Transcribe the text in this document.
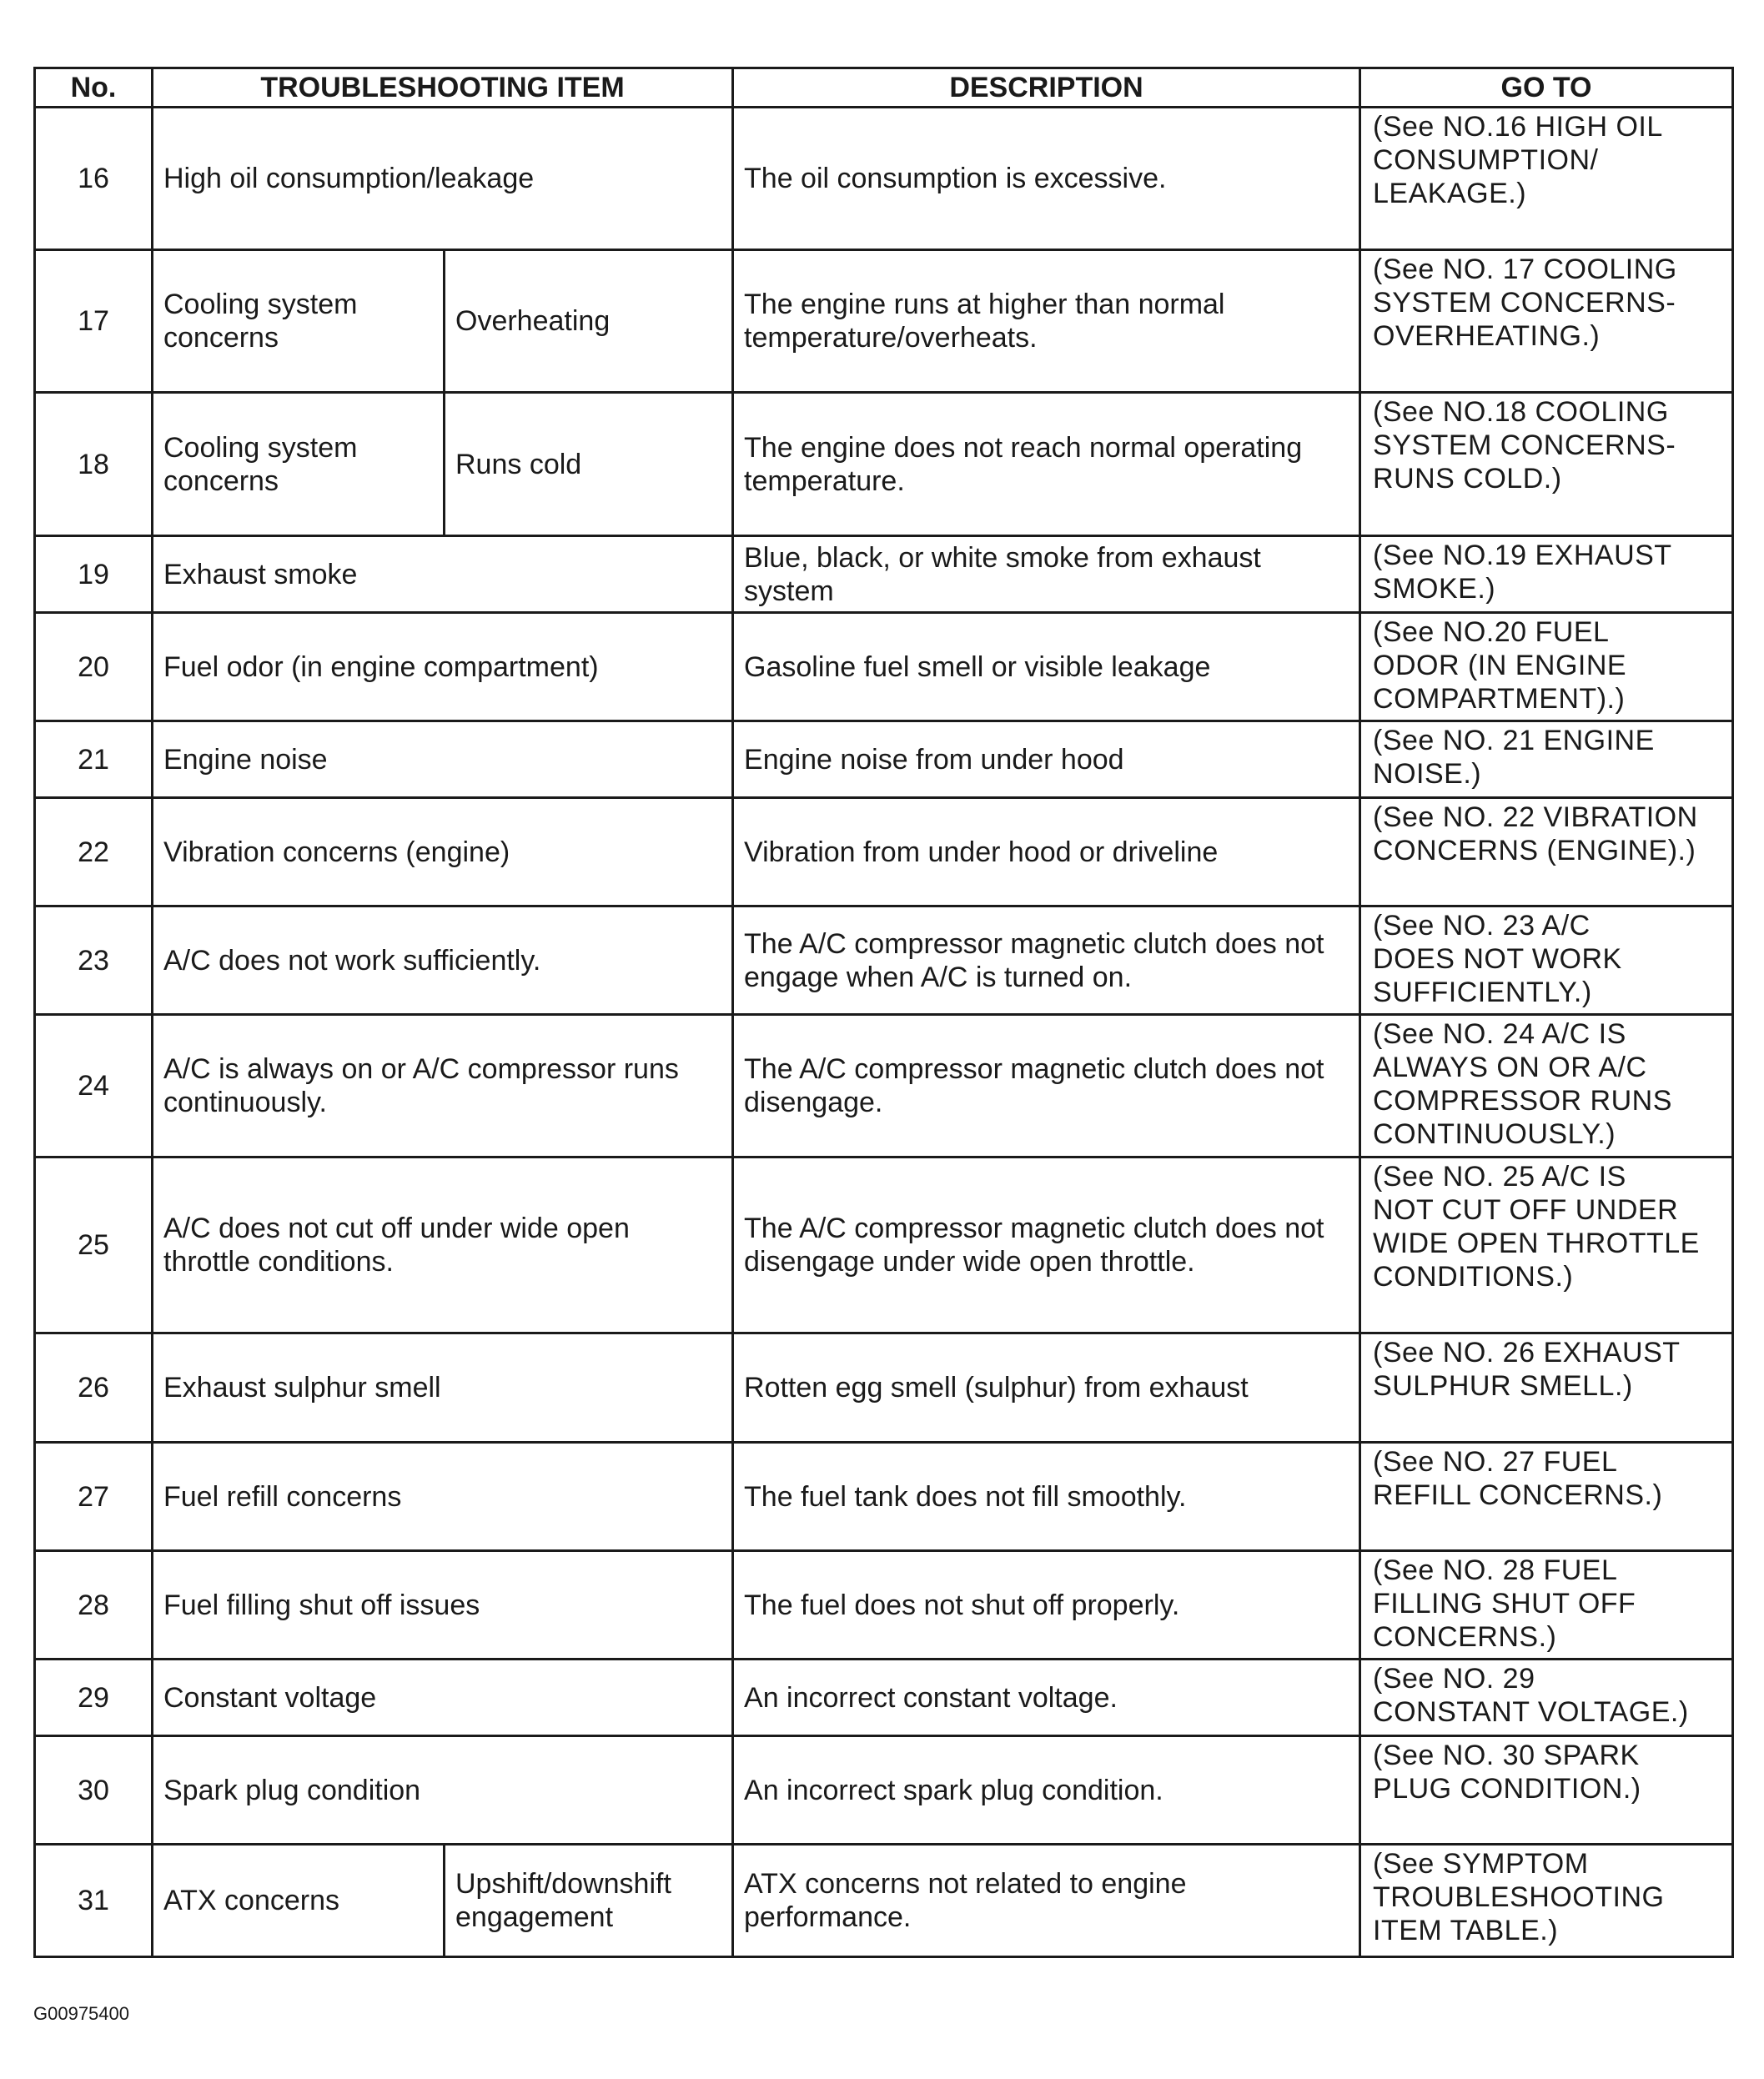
No.	TROUBLESHOOTING ITEM		DESCRIPTION	GO TO
16	High oil consumption/leakage		The oil consumption is excessive.	(See NO.16 HIGH OIL
CONSUMPTION/
LEAKAGE.)
17	Cooling system concerns	Overheating	The engine runs at higher than normal temperature/overheats.	(See NO. 17 COOLING
SYSTEM CONCERNS-
OVERHEATING.)
18	Cooling system concerns	Runs cold	The engine does not reach normal operating temperature.	(See NO.18 COOLING
SYSTEM CONCERNS-
RUNS COLD.)
19	Exhaust smoke		Blue, black, or white smoke from exhaust system	(See NO.19 EXHAUST
SMOKE.)
20	Fuel odor (in engine compartment)		Gasoline fuel smell or visible leakage	(See NO.20 FUEL
ODOR (IN ENGINE
COMPARTMENT).)
21	Engine noise		Engine noise from under hood	(See NO. 21 ENGINE
NOISE.)
22	Vibration concerns (engine)		Vibration from under hood or driveline	(See NO. 22 VIBRATION
CONCERNS (ENGINE).)
23	A/C does not work sufficiently.		The A/C compressor magnetic clutch does not engage when A/C is turned on.	(See NO. 23 A/C
DOES NOT WORK
SUFFICIENTLY.)
24	A/C is always on or A/C compressor runs continuously.		The A/C compressor magnetic clutch does not disengage.	(See NO. 24 A/C IS
ALWAYS ON OR A/C
COMPRESSOR RUNS
CONTINUOUSLY.)
25	A/C does not cut off under wide open throttle conditions.		The A/C compressor magnetic clutch does not disengage under wide open throttle.	(See NO. 25 A/C IS
NOT CUT OFF UNDER
WIDE OPEN THROTTLE
CONDITIONS.)
26	Exhaust sulphur smell		Rotten egg smell (sulphur) from exhaust	(See NO. 26 EXHAUST
SULPHUR SMELL.)
27	Fuel refill concerns		The fuel tank does not fill smoothly.	(See NO. 27 FUEL
REFILL CONCERNS.)
28	Fuel filling shut off issues		The fuel does not shut off properly.	(See NO. 28 FUEL
FILLING SHUT OFF
CONCERNS.)
29	Constant voltage		An incorrect constant voltage.	(See NO. 29
CONSTANT VOLTAGE.)
30	Spark plug condition		An incorrect spark plug condition.	(See NO. 30 SPARK
PLUG CONDITION.)
31	ATX concerns	Upshift/downshift engagement	ATX concerns not related to engine performance.	(See SYMPTOM
TROUBLESHOOTING
ITEM TABLE.)
G00975400
